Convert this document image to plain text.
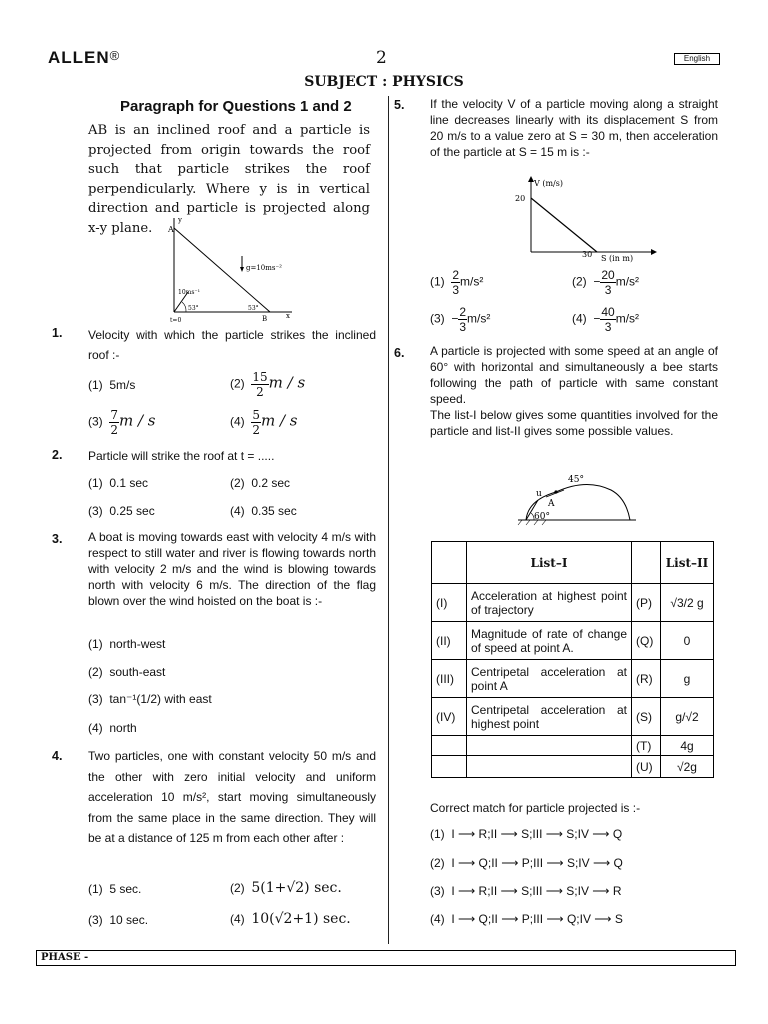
ALLEN®	2	English
SUBJECT : PHYSICS
Paragraph for Questions 1 and 2
AB is an inclined roof and a particle is projected from origin towards the roof such that particle strikes the roof perpendicularly. Where y is in vertical direction and particle is projected along x-y plane.	A
y
B	x
t=0
g=10ms⁻²
10ms⁻¹
53°	53°
1. Velocity with which the particle strikes the inclined roof :-
(1) 5m/s	$(2) \frac{15}{2}$ m / s
$(3) \frac{7}{2}$ m / s	$(4) \frac{5}{2}$ m / s
2. Particle will strike the roof at t = .....
(1) 0.1 sec	(2) 0.2 sec
(3) 0.25 sec	(4) 0.35 sec
3. A boat is moving towards east with velocity 4 m/s with respect to still water and river is flowing towards north with velocity 2 m/s and the wind is blowing towards north with velocity 6 m/s. The direction of the flag blown over the wind hoisted on the boat is :-
(1) north-west
(2) south-east
(3) tan⁻¹(1/2) with east
(4) north
4. Two particles, one with constant velocity 50 m/s and the other with zero initial velocity and uniform acceleration 10 m/s², start moving simultaneously from the same place in the same direction. They will be at a distance of 125 m from each other after :
(1) 5 sec.	(2) 5(1+√2) sec.
(3) 10 sec.	(4) 10(√2+1) sec.
5. If the velocity V of a particle moving along a straight line decreases linearly with its displacement S from 20 m/s to a value zero at S = 30 m, then acceleration of the particle at S = 15 m is :-
V (m/s)
20
30 S (in m)
$(1) \frac{2}{3} m/s^2$	$(2) - \frac{20}{3} m/s^2$
$(3) - \frac{2}{3} m/s^2$	$(4) - \frac{40}{3} m/s^2$
6. A particle is projected with some speed at an angle of 60° with horizontal and simultaneously a bee starts following the path of particle with same constant speed.
The list-I below gives some quantities involved for the particle and list-II gives some possible values.
45°
u
A
60°
	List–I		List–II
(I)	Acceleration at highest point of trajectory	(P)	√3/2 g
(II)	Magnitude of rate of change of speed at point A.	(Q)	0
(III)	Centripetal acceleration at point A	(R)	g
(IV)	Centripetal acceleration at highest point	(S)	g/√2
		(T)	4g
		(U)	√2g
Correct match for particle projected is :-
(1) I ⟶ R;II ⟶ S;III ⟶ S;IV ⟶ Q
(2) I ⟶ Q;II ⟶ P;III ⟶ S;IV ⟶ Q
(3) I ⟶ R;II ⟶ S;III ⟶ S;IV ⟶ R
(4) I ⟶ Q;II ⟶ P;III ⟶ Q;IV ⟶ S
PHASE -
